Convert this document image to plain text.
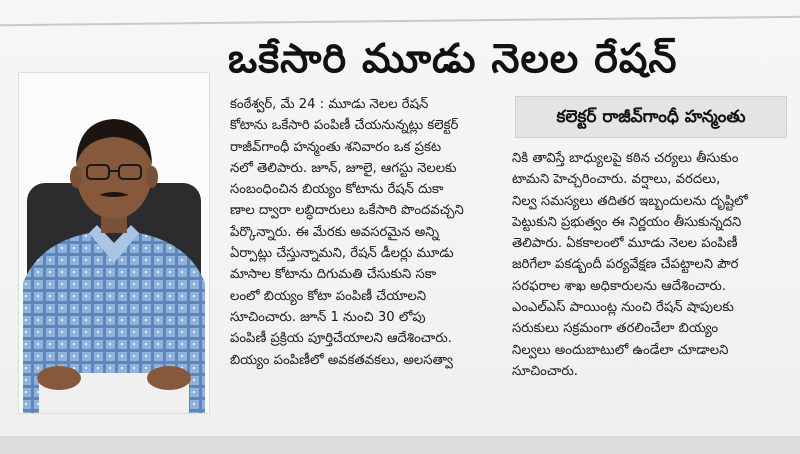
ఒకేసారి మూడు నెలల రేషన్
కంఠేశ్వర్, మే 24 : మూడు నెలల రేషన్
కోటాను ఒకేసారి పంపిణీ చేయనున్నట్లు కలెక్టర్
రాజీవ్‌గాంధీ హన్మంతు శనివారం ఒక ప్రకట
నలో తెలిపారు. జూన్, జూలై, ఆగస్టు నెలలకు
సంబంధించిన బియ్యం కోటాను రేషన్ దుకా
ణాల ద్వారా లబ్ధిదారులు ఒకేసారి పొందవచ్చని
పేర్కొన్నారు. ఈ మేరకు అవసరమైన అన్ని
ఏర్పాట్లు చేస్తున్నామని, రేషన్ డీలర్లు మూడు
మాసాల కోటాను దిగుమతి చేసుకుని సకా
లంలో బియ్యం కోటా పంపిణీ చేయాలని
సూచించారు. జూన్ 1 నుంచి 30 లోపు
పంపిణీ ప్రక్రియ పూర్తిచేయాలని ఆదేశించారు.
బియ్యం పంపిణీలో అవకతవకలు, అలసత్వా
కలెక్టర్ రాజీవ్‌గాంధీ హన్మంతు
నికి తావిస్తే బాధ్యులపై కఠిన చర్యలు తీసుకుం
టామని హెచ్చరించారు. వర్షాలు, వరదలు,
నిల్వ సమస్యలు తదితర ఇబ్బందులను దృష్టిలో
పెట్టుకుని ప్రభుత్వం ఈ నిర్ణయం తీసుకున్నదని
తెలిపారు. ఏకకాలంలో మూడు నెలల పంపిణీ
జరిగేలా పకడ్బందీ పర్యవేక్షణ చేపట్టాలని పౌర
సరఫరాల శాఖ అధికారులను ఆదేశించారు.
ఎంఎల్ఎస్ పాయింట్ల నుంచి రేషన్ షాపులకు
సరుకులు సక్రమంగా తరలించేలా బియ్యం
నిల్వలు అందుబాటులో ఉండేలా చూడాలని
సూచించారు.
